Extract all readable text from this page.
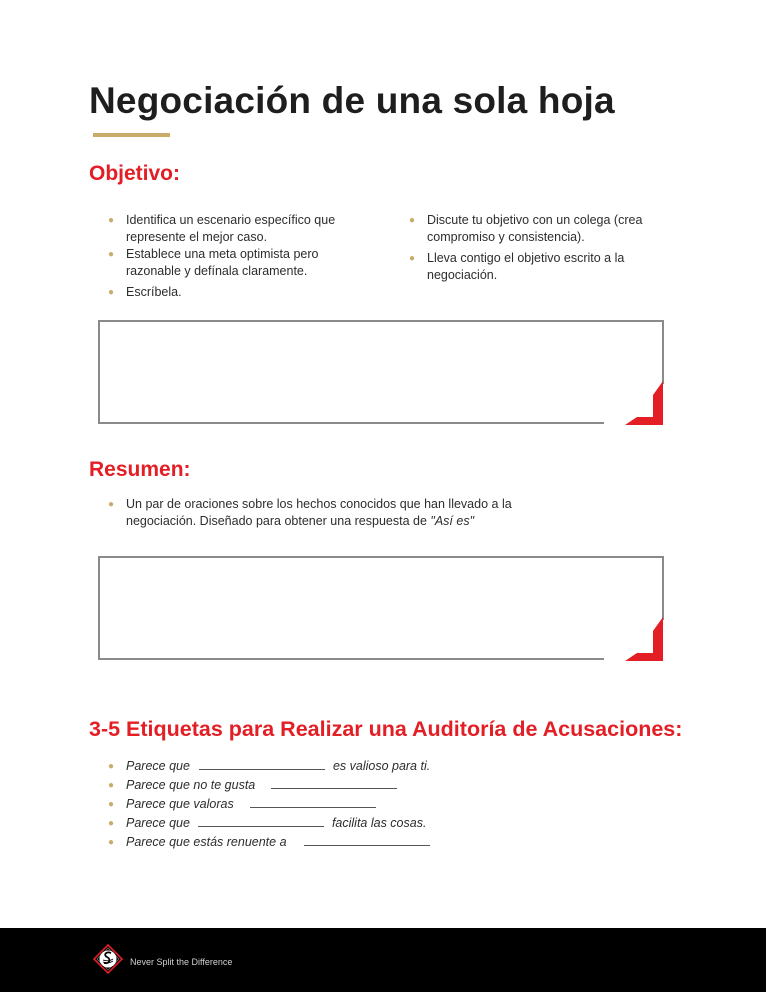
Negociación de una sola hoja
Objetivo:
● Identifica un escenario específico que represente el mejor caso.
● Establece una meta optimista pero razonable y defínala claramente.
● Escríbela.
● Discute tu objetivo con un colega (crea compromiso y consistencia).
● Lleva contigo el objetivo escrito a la negociación.
Resumen:
● Un par de oraciones sobre los hechos conocidos que han llevado a la negociación. Diseñado para obtener una respuesta de "Así es"
3-5 Etiquetas para Realizar una Auditoría de Acusaciones:
● Parece que	es valioso para ti.
● Parece que no te gusta
● Parece que valoras
● Parece que	facilita las cosas.
● Parece que estás renuente a
Never Split the Difference
